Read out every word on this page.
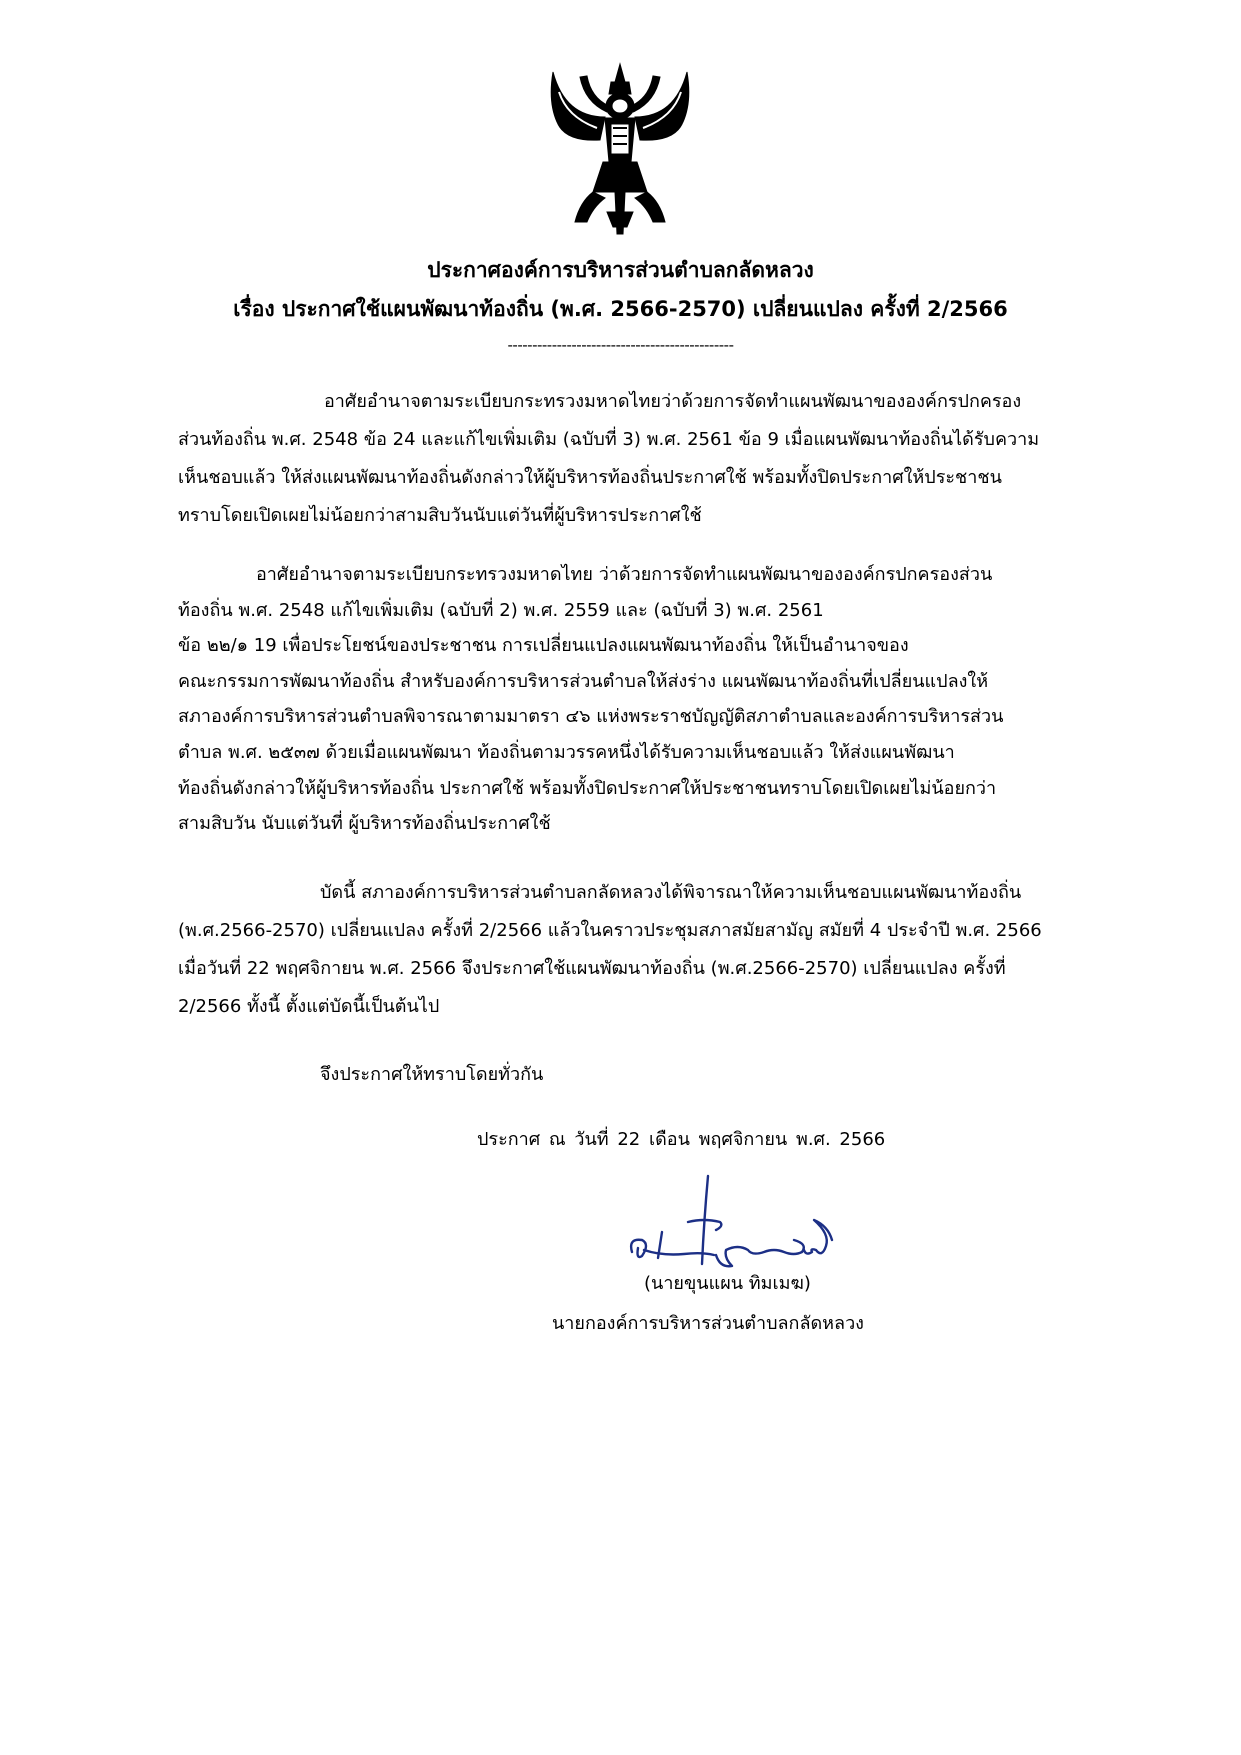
ประกาศองค์การบริหารส่วนตำบลกลัดหลวง
เรื่อง ประกาศใช้แผนพัฒนาท้องถิ่น (พ.ศ. 2566-2570) เปลี่ยนแปลง ครั้งที่ 2/2566
----------------------------------------------
อาศัยอำนาจตามระเบียบกระทรวงมหาดไทยว่าด้วยการจัดทำแผนพัฒนาขององค์กรปกครอง
ส่วนท้องถิ่น พ.ศ. 2548 ข้อ 24 และแก้ไขเพิ่มเติม (ฉบับที่ 3) พ.ศ. 2561 ข้อ 9 เมื่อแผนพัฒนาท้องถิ่นได้รับความ
เห็นชอบแล้ว ให้ส่งแผนพัฒนาท้องถิ่นดังกล่าวให้ผู้บริหารท้องถิ่นประกาศใช้ พร้อมทั้งปิดประกาศให้ประชาชน
ทราบโดยเปิดเผยไม่น้อยกว่าสามสิบวันนับแต่วันที่ผู้บริหารประกาศใช้
อาศัยอำนาจตามระเบียบกระทรวงมหาดไทย ว่าด้วยการจัดทำแผนพัฒนาขององค์กรปกครองส่วน
ท้องถิ่น พ.ศ. 2548 แก้ไขเพิ่มเติม (ฉบับที่ 2) พ.ศ. 2559 และ (ฉบับที่ 3) พ.ศ. 2561
ข้อ ๒๒/๑ 19 เพื่อประโยชน์ของประชาชน การเปลี่ยนแปลงแผนพัฒนาท้องถิ่น ให้เป็นอำนาจของ
คณะกรรมการพัฒนาท้องถิ่น สำหรับองค์การบริหารส่วนตำบลให้ส่งร่าง แผนพัฒนาท้องถิ่นที่เปลี่ยนแปลงให้
สภาองค์การบริหารส่วนตำบลพิจารณาตามมาตรา ๔๖ แห่งพระราชบัญญัติสภาตำบลและองค์การบริหารส่วน
ตำบล พ.ศ. ๒๕๓๗ ด้วยเมื่อแผนพัฒนา ท้องถิ่นตามวรรคหนึ่งได้รับความเห็นชอบแล้ว ให้ส่งแผนพัฒนา
ท้องถิ่นดังกล่าวให้ผู้บริหารท้องถิ่น ประกาศใช้ พร้อมทั้งปิดประกาศให้ประชาชนทราบโดยเปิดเผยไม่น้อยกว่า
สามสิบวัน นับแต่วันที่ ผู้บริหารท้องถิ่นประกาศใช้
บัดนี้ สภาองค์การบริหารส่วนตำบลกลัดหลวงได้พิจารณาให้ความเห็นชอบแผนพัฒนาท้องถิ่น
(พ.ศ.2566-2570) เปลี่ยนแปลง ครั้งที่ 2/2566 แล้วในคราวประชุมสภาสมัยสามัญ สมัยที่ 4 ประจำปี พ.ศ. 2566
เมื่อวันที่ 22 พฤศจิกายน พ.ศ. 2566 จึงประกาศใช้แผนพัฒนาท้องถิ่น (พ.ศ.2566-2570) เปลี่ยนแปลง ครั้งที่
2/2566 ทั้งนี้ ตั้งแต่บัดนี้เป็นต้นไป
จึงประกาศให้ทราบโดยทั่วกัน
ประกาศ ณ วันที่ 22 เดือน พฤศจิกายน พ.ศ. 2566
(นายขุนแผน ทิมเมฆ)
นายกองค์การบริหารส่วนตำบลกลัดหลวง
